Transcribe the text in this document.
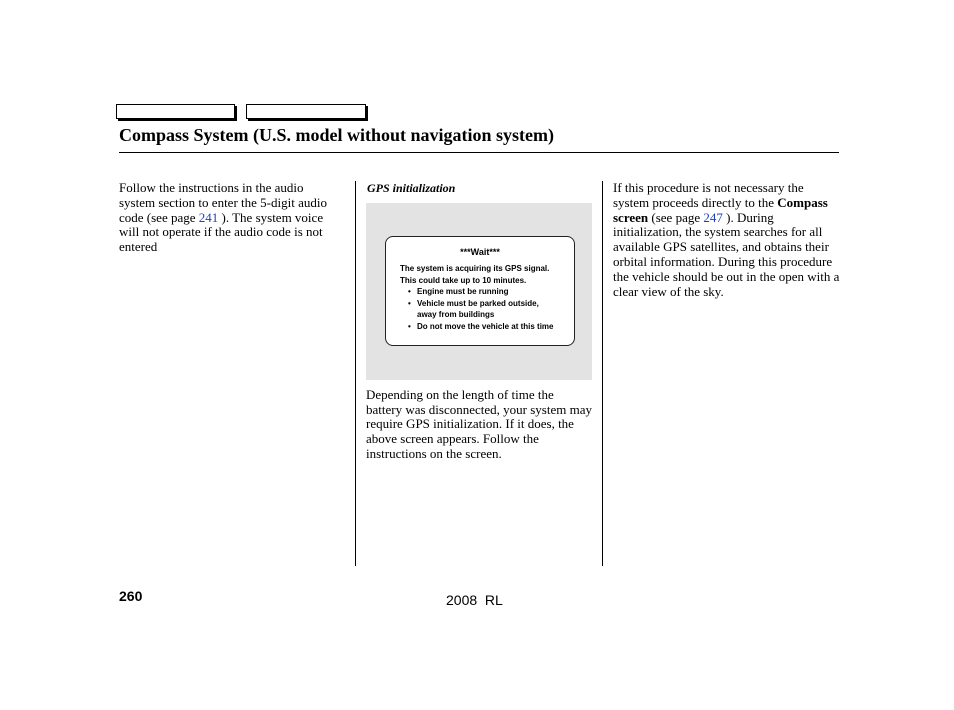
Compass System (U.S. model without navigation system)
Follow the instructions in the audio system section to enter the 5-digit audio code (see page 241 ). The system voice will not operate if the audio code is not entered
GPS initialization
***Wait***
The system is acquiring its GPS signal.
This could take up to 10 minutes.
• Engine must be running
• Vehicle must be parked outside,
away from buildings
• Do not move the vehicle at this time
Depending on the length of time the battery was disconnected, your system may require GPS initialization. If it does, the above screen appears. Follow the instructions on the screen.
If this procedure is not necessary the system proceeds directly to the Compass screen (see page 247 ). During initialization, the system searches for all available GPS satellites, and obtains their orbital information. During this procedure the vehicle should be out in the open with a clear view of the sky.
260	2008  RL
